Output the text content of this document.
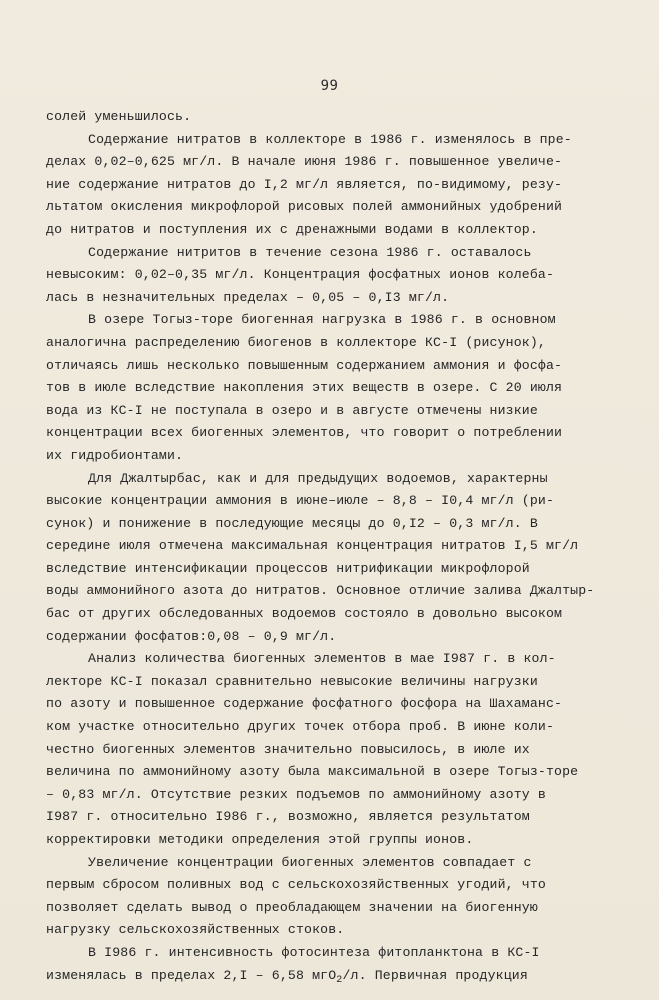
99
солей уменьшилось.
Содержание нитратов в коллекторе в 1986 г. изменялось в пре-
делах 0,02–0,625 мг/л. В начале июня 1986 г. повышенное увеличе-
ние содержание нитратов до I,2 мг/л является, по-видимому, резу-
льтатом окисления микрофлорой рисовых полей аммонийных удобрений
до нитратов и поступления их с дренажными водами в коллектор.
Содержание нитритов в течение сезона 1986 г. оставалось
невысоким: 0,02–0,35 мг/л. Концентрация фосфатных ионов колеба-
лась в незначительных пределах – 0,05 – 0,I3 мг/л.
В озере Тогыз-торе биогенная нагрузка в 1986 г. в основном
аналогична распределению биогенов в коллекторе КС-I (рисунок),
отличаясь лишь несколько повышенным содержанием аммония и фосфа-
тов в июле вследствие накопления этих веществ в озере. С 20 июля
вода из КС-I не поступала в озеро и в августе отмечены низкие
концентрации всех биогенных элементов, что говорит о потреблении
их гидробионтами.
Для Джалтырбас, как и для предыдущих водоемов, характерны
высокие концентрации аммония в июне–июле – 8,8 – I0,4 мг/л (ри-
сунок) и понижение в последующие месяцы до 0,I2 – 0,3 мг/л. В
середине июля отмечена максимальная концентрация нитратов I,5 мг/л
вследствие интенсификации процессов нитрификации микрофлорой
воды аммонийного азота до нитратов. Основное отличие залива Джалтыр-
бас от других обследованных водоемов состояло в довольно высоком
содержании фосфатов:0,08 – 0,9 мг/л.
Анализ количества биогенных элементов в мае I987 г. в кол-
лекторе КС-I показал сравнительно невысокие величины нагрузки
по азоту и повышенное содержание фосфатного фосфора на Шахаманс-
ком участке относительно других точек отбора проб. В июне коли-
честно биогенных элементов значительно повысилось, в июле их
величина по аммонийному азоту была максимальной в озере Тогыз-торе
– 0,83 мг/л. Отсутствие резких подъемов по аммонийному азоту в
I987 г. относительно I986 г., возможно, является результатом
корректировки методики определения этой группы ионов.
Увеличение концентрации биогенных элементов совпадает с
первым сбросом поливных вод с сельскохозяйственных угодий, что
позволяет сделать вывод о преобладающем значении на биогенную
нагрузку сельскохозяйственных стоков.
В I986 г. интенсивность фотосинтеза фитопланктона в КС-I
изменялась в пределах 2,I – 6,58 мгО$_2$/л. Первичная продукция
